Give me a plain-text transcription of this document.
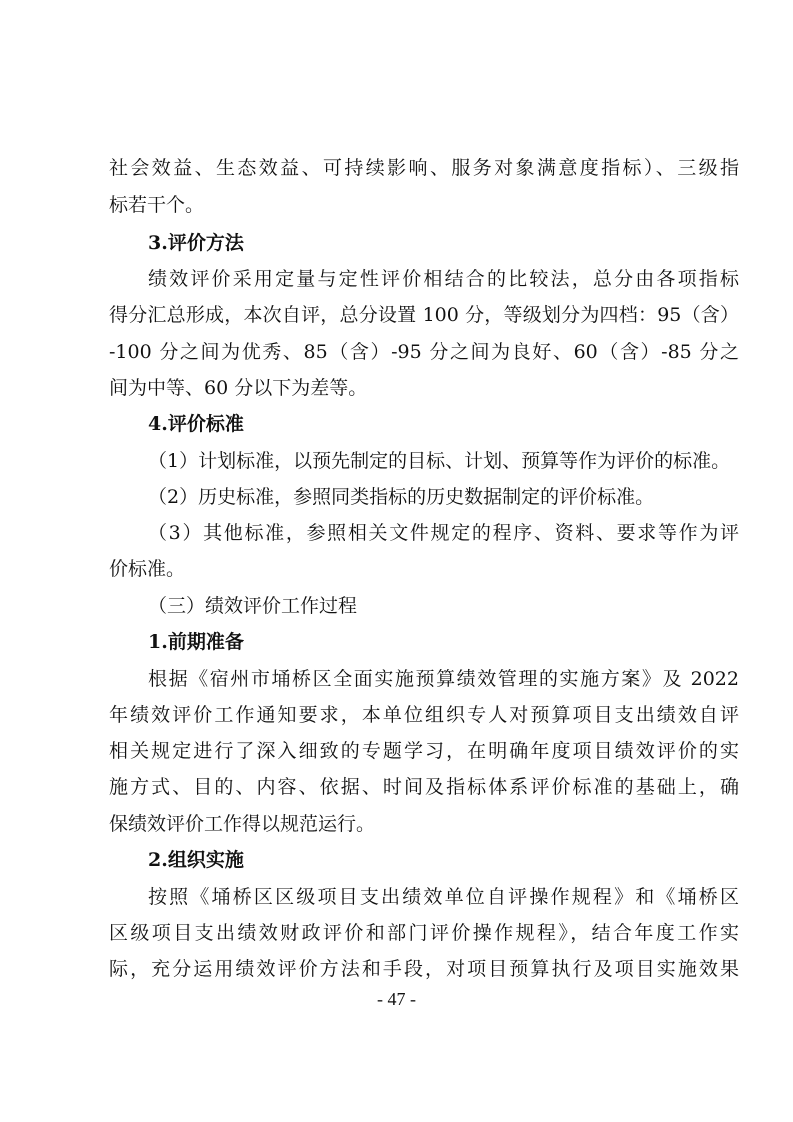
社会效益、生态效益、可持续影响、服务对象满意度指标）、三级指
标若干个。
3.评价方法
绩效评价采用定量与定性评价相结合的比较法，总分由各项指标
得分汇总形成，本次自评，总分设置 100 分，等级划分为四档：95（含）
-100 分之间为优秀、85（含）-95 分之间为良好、60（含）-85 分之
间为中等、60 分以下为差等。
4.评价标准
（1）计划标准，以预先制定的目标、计划、预算等作为评价的标准。
（2）历史标准，参照同类指标的历史数据制定的评价标准。
（3）其他标准，参照相关文件规定的程序、资料、要求等作为评
价标准。
（三）绩效评价工作过程
1.前期准备
根据《宿州市埇桥区全面实施预算绩效管理的实施方案》及 2022
年绩效评价工作通知要求，本单位组织专人对预算项目支出绩效自评
相关规定进行了深入细致的专题学习，在明确年度项目绩效评价的实
施方式、目的、内容、依据、时间及指标体系评价标准的基础上，确
保绩效评价工作得以规范运行。
2.组织实施
按照《埇桥区区级项目支出绩效单位自评操作规程》和《埇桥区
区级项目支出绩效财政评价和部门评价操作规程》，结合年度工作实
际，充分运用绩效评价方法和手段，对项目预算执行及项目实施效果
- 47 -
